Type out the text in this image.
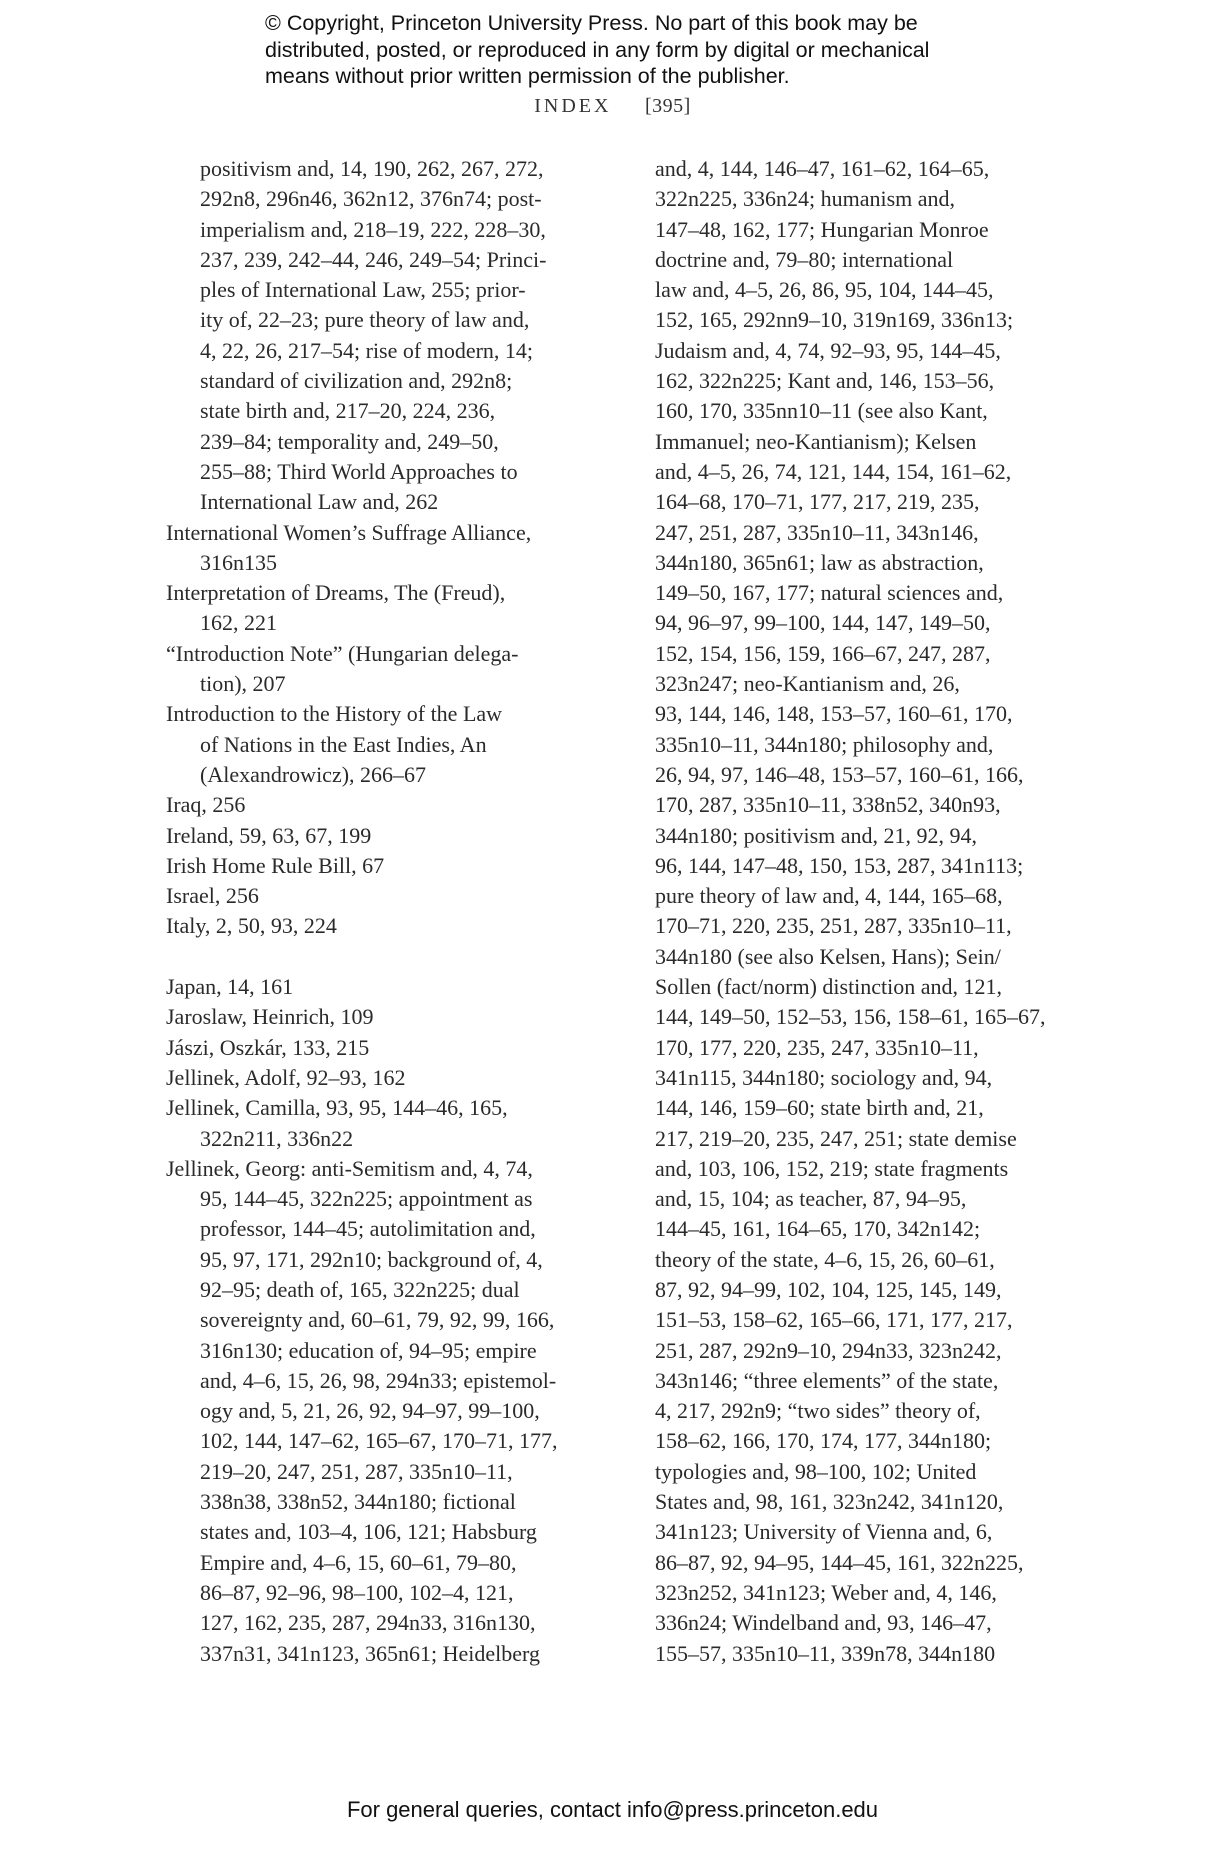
© Copyright, Princeton University Press. No part of this book may be
distributed, posted, or reproduced in any form by digital or mechanical
means without prior written permission of the publisher.
INDEX [395]
positivism and, 14, 190, 262, 267, 272,
292n8, 296n46, 362n12, 376n74; post-
imperialism and, 218–19, 222, 228–30,
237, 239, 242–44, 246, 249–54; Princi-
ples of International Law, 255; prior-
ity of, 22–23; pure theory of law and,
4, 22, 26, 217–54; rise of modern, 14;
standard of civilization and, 292n8;
state birth and, 217–20, 224, 236,
239–84; temporality and, 249–50,
255–88; Third World Approaches to
International Law and, 262
International Women’s Suffrage Alliance,
316n135
Interpretation of Dreams, The (Freud),
162, 221
“Introduction Note” (Hungarian delega-
tion), 207
Introduction to the History of the Law
of Nations in the East Indies, An
(Alexandrowicz), 266–67
Iraq, 256
Ireland, 59, 63, 67, 199
Irish Home Rule Bill, 67
Israel, 256
Italy, 2, 50, 93, 224
Japan, 14, 161
Jaroslaw, Heinrich, 109
Jászi, Oszkár, 133, 215
Jellinek, Adolf, 92–93, 162
Jellinek, Camilla, 93, 95, 144–46, 165,
322n211, 336n22
Jellinek, Georg: anti-Semitism and, 4, 74,
95, 144–45, 322n225; appointment as
professor, 144–45; autolimitation and,
95, 97, 171, 292n10; background of, 4,
92–95; death of, 165, 322n225; dual
sovereignty and, 60–61, 79, 92, 99, 166,
316n130; education of, 94–95; empire
and, 4–6, 15, 26, 98, 294n33; epistemol-
ogy and, 5, 21, 26, 92, 94–97, 99–100,
102, 144, 147–62, 165–67, 170–71, 177,
219–20, 247, 251, 287, 335n10–11,
338n38, 338n52, 344n180; fictional
states and, 103–4, 106, 121; Habsburg
Empire and, 4–6, 15, 60–61, 79–80,
86–87, 92–96, 98–100, 102–4, 121,
127, 162, 235, 287, 294n33, 316n130,
337n31, 341n123, 365n61; Heidelberg
and, 4, 144, 146–47, 161–62, 164–65,
322n225, 336n24; humanism and,
147–48, 162, 177; Hungarian Monroe
doctrine and, 79–80; international
law and, 4–5, 26, 86, 95, 104, 144–45,
152, 165, 292nn9–10, 319n169, 336n13;
Judaism and, 4, 74, 92–93, 95, 144–45,
162, 322n225; Kant and, 146, 153–56,
160, 170, 335nn10–11 (see also Kant,
Immanuel; neo-Kantianism); Kelsen
and, 4–5, 26, 74, 121, 144, 154, 161–62,
164–68, 170–71, 177, 217, 219, 235,
247, 251, 287, 335n10–11, 343n146,
344n180, 365n61; law as abstraction,
149–50, 167, 177; natural sciences and,
94, 96–97, 99–100, 144, 147, 149–50,
152, 154, 156, 159, 166–67, 247, 287,
323n247; neo-Kantianism and, 26,
93, 144, 146, 148, 153–57, 160–61, 170,
335n10–11, 344n180; philosophy and,
26, 94, 97, 146–48, 153–57, 160–61, 166,
170, 287, 335n10–11, 338n52, 340n93,
344n180; positivism and, 21, 92, 94,
96, 144, 147–48, 150, 153, 287, 341n113;
pure theory of law and, 4, 144, 165–68,
170–71, 220, 235, 251, 287, 335n10–11,
344n180 (see also Kelsen, Hans); Sein/
Sollen (fact/norm) distinction and, 121,
144, 149–50, 152–53, 156, 158–61, 165–67,
170, 177, 220, 235, 247, 335n10–11,
341n115, 344n180; sociology and, 94,
144, 146, 159–60; state birth and, 21,
217, 219–20, 235, 247, 251; state demise
and, 103, 106, 152, 219; state fragments
and, 15, 104; as teacher, 87, 94–95,
144–45, 161, 164–65, 170, 342n142;
theory of the state, 4–6, 15, 26, 60–61,
87, 92, 94–99, 102, 104, 125, 145, 149,
151–53, 158–62, 165–66, 171, 177, 217,
251, 287, 292n9–10, 294n33, 323n242,
343n146; “three elements” of the state,
4, 217, 292n9; “two sides” theory of,
158–62, 166, 170, 174, 177, 344n180;
typologies and, 98–100, 102; United
States and, 98, 161, 323n242, 341n120,
341n123; University of Vienna and, 6,
86–87, 92, 94–95, 144–45, 161, 322n225,
323n252, 341n123; Weber and, 4, 146,
336n24; Windelband and, 93, 146–47,
155–57, 335n10–11, 339n78, 344n180
For general queries, contact info@press.princeton.edu
